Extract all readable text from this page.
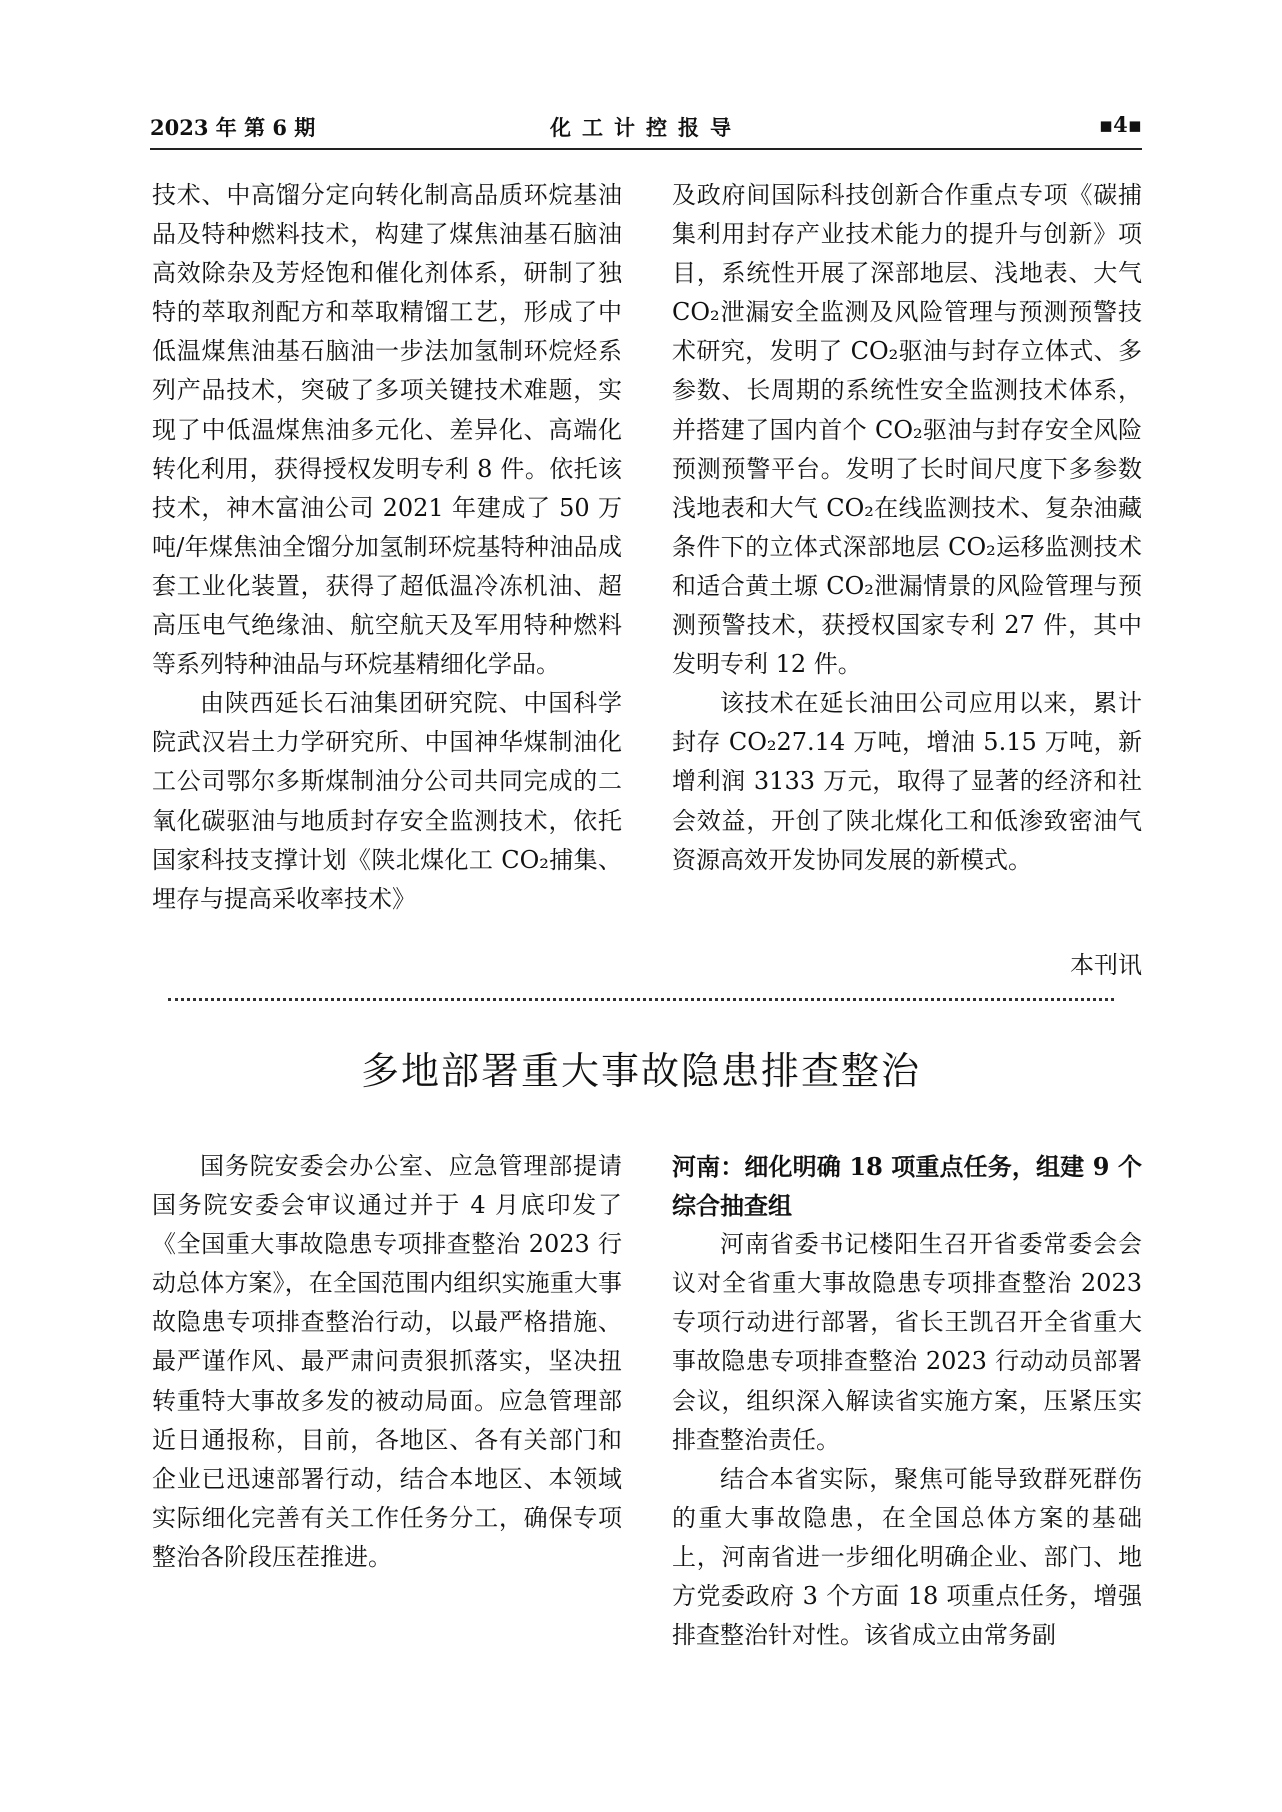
2023 年 第 6 期	化工计控报导	▪4▪

技术、中高馏分定向转化制高品质环烷基油品及特种燃料技术，构建了煤焦油基石脑油高效除杂及芳烃饱和催化剂体系，研制了独特的萃取剂配方和萃取精馏工艺，形成了中低温煤焦油基石脑油一步法加氢制环烷烃系列产品技术，突破了多项关键技术难题，实现了中低温煤焦油多元化、差异化、高端化转化利用，获得授权发明专利 8 件。依托该技术，神木富油公司 2021 年建成了 50 万吨/年煤焦油全馏分加氢制环烷基特种油品成套工业化装置，获得了超低温冷冻机油、超高压电气绝缘油、航空航天及军用特种燃料等系列特种油品与环烷基精细化学品。

由陕西延长石油集团研究院、中国科学院武汉岩土力学研究所、中国神华煤制油化工公司鄂尔多斯煤制油分公司共同完成的二氧化碳驱油与地质封存安全监测技术，依托国家科技支撑计划《陕北煤化工 CO₂捕集、埋存与提高采收率技术》

及政府间国际科技创新合作重点专项《碳捕集利用封存产业技术能力的提升与创新》项目，系统性开展了深部地层、浅地表、大气 CO₂泄漏安全监测及风险管理与预测预警技术研究，发明了 CO₂驱油与封存立体式、多参数、长周期的系统性安全监测技术体系，并搭建了国内首个 CO₂驱油与封存安全风险预测预警平台。发明了长时间尺度下多参数浅地表和大气 CO₂在线监测技术、复杂油藏条件下的立体式深部地层 CO₂运移监测技术和适合黄土塬 CO₂泄漏情景的风险管理与预测预警技术，获授权国家专利 27 件，其中发明专利 12 件。

该技术在延长油田公司应用以来，累计封存 CO₂27.14 万吨，增油 5.15 万吨，新增利润 3133 万元，取得了显著的经济和社会效益，开创了陕北煤化工和低渗致密油气资源高效开发协同发展的新模式。

本刊讯
多地部署重大事故隐患排查整治

国务院安委会办公室、应急管理部提请国务院安委会审议通过并于 4 月底印发了《全国重大事故隐患专项排查整治 2023 行动总体方案》，在全国范围内组织实施重大事故隐患专项排查整治行动，以最严格措施、最严谨作风、最严肃问责狠抓落实，坚决扭转重特大事故多发的被动局面。应急管理部近日通报称，目前，各地区、各有关部门和企业已迅速部署行动，结合本地区、本领域实际细化完善有关工作任务分工，确保专项整治各阶段压茬推进。

河南：细化明确 18 项重点任务，组建 9 个综合抽查组

河南省委书记楼阳生召开省委常委会会议对全省重大事故隐患专项排查整治 2023 专项行动进行部署，省长王凯召开全省重大事故隐患专项排查整治 2023 行动动员部署会议，组织深入解读省实施方案，压紧压实排查整治责任。

结合本省实际，聚焦可能导致群死群伤的重大事故隐患，在全国总体方案的基础上，河南省进一步细化明确企业、部门、地方党委政府 3 个方面 18 项重点任务，增强排查整治针对性。该省成立由常务副
